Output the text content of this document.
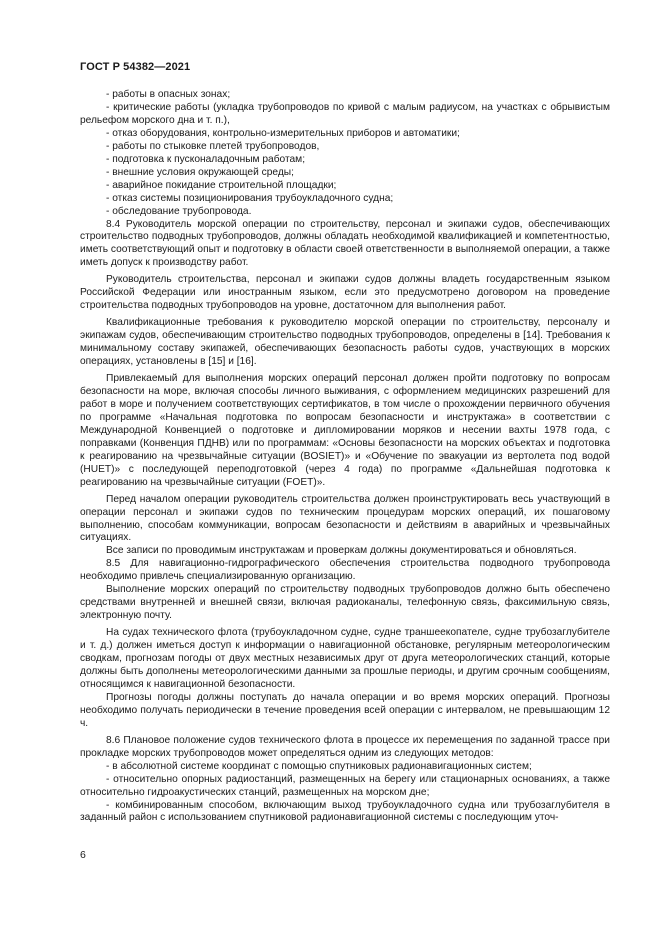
ГОСТ Р 54382—2021

- работы в опасных зонах;

- критические работы (укладка трубопроводов по кривой с малым радиусом, на участках с обрывистым рельефом морского дна и т. п.),

- отказ оборудования, контрольно-измерительных приборов и автоматики;

- работы по стыковке плетей трубопроводов,

- подготовка к пусконаладочным работам;

- внешние условия окружающей среды;

- аварийное покидание строительной площадки;

- отказ системы позиционирования трубоукладочного судна;

- обследование трубопровода.

8.4 Руководитель морской операции по строительству, персонал и экипажи судов, обеспечивающих строительство подводных трубопроводов, должны обладать необходимой квалификацией и компетентностью, иметь соответствующий опыт и подготовку в области своей ответственности в выполняемой операции, а также иметь допуск к производству работ.

Руководитель строительства, персонал и экипажи судов должны владеть государственным языком Российской Федерации или иностранным языком, если это предусмотрено договором на проведение строительства подводных трубопроводов на уровне, достаточном для выполнения работ.

Квалификационные требования к руководителю морской операции по строительству, персоналу и экипажам судов, обеспечивающим строительство подводных трубопроводов, определены в [14]. Требования к минимальному составу экипажей, обеспечивающих безопасность работы судов, участвующих в морских операциях, установлены в [15] и [16].

Привлекаемый для выполнения морских операций персонал должен пройти подготовку по вопросам безопасности на море, включая способы личного выживания, с оформлением медицинских разрешений для работ в море и получением соответствующих сертификатов, в том числе о прохождении первичного обучения по программе «Начальная подготовка по вопросам безопасности и инструктажа» в соответствии с Международной Конвенцией о подготовке и дипломировании моряков и несении вахты 1978 года, с поправками (Конвенция ПДНВ) или по программам: «Основы безопасности на морских объектах и подготовка к реагированию на чрезвычайные ситуации (BOSIET)» и «Обучение по эвакуации из вертолета под водой (HUET)» с последующей переподготовкой (через 4 года) по программе «Дальнейшая подготовка к реагированию на чрезвычайные ситуации (FOET)».

Перед началом операции руководитель строительства должен проинструктировать весь участвующий в операции персонал и экипажи судов по техническим процедурам морских операций, их пошаговому выполнению, способам коммуникации, вопросам безопасности и действиям в аварийных и чрезвычайных ситуациях.

Все записи по проводимым инструктажам и проверкам должны документироваться и обновляться.

8.5 Для навигационно-гидрографического обеспечения строительства подводного трубопровода необходимо привлечь специализированную организацию.

Выполнение морских операций по строительству подводных трубопроводов должно быть обеспечено средствами внутренней и внешней связи, включая радиоканалы, телефонную связь, факсимильную связь, электронную почту.

На судах технического флота (трубоукладочном судне, судне траншеекопателе, судне трубозаглубителе и т. д.) должен иметься доступ к информации о навигационной обстановке, регулярным метеорологическим сводкам, прогнозам погоды от двух местных независимых друг от друга метеорологических станций, которые должны быть дополнены метеорологическими данными за прошлые периоды, и другим срочным сообщениям, относящимся к навигационной безопасности.

Прогнозы погоды должны поступать до начала операции и во время морских операций. Прогнозы необходимо получать периодически в течение проведения всей операции с интервалом, не превышающим 12 ч.

8.6 Плановое положение судов технического флота в процессе их перемещения по заданной трассе при прокладке морских трубопроводов может определяться одним из следующих методов:

- в абсолютной системе координат с помощью спутниковых радионавигационных систем;

- относительно опорных радиостанций, размещенных на берегу или стационарных основаниях, а также относительно гидроакустических станций, размещенных на морском дне;

- комбинированным способом, включающим выход трубоукладочного судна или трубозаглубителя в заданный район с использованием спутниковой радионавигационной системы с последующим уточ-

6
